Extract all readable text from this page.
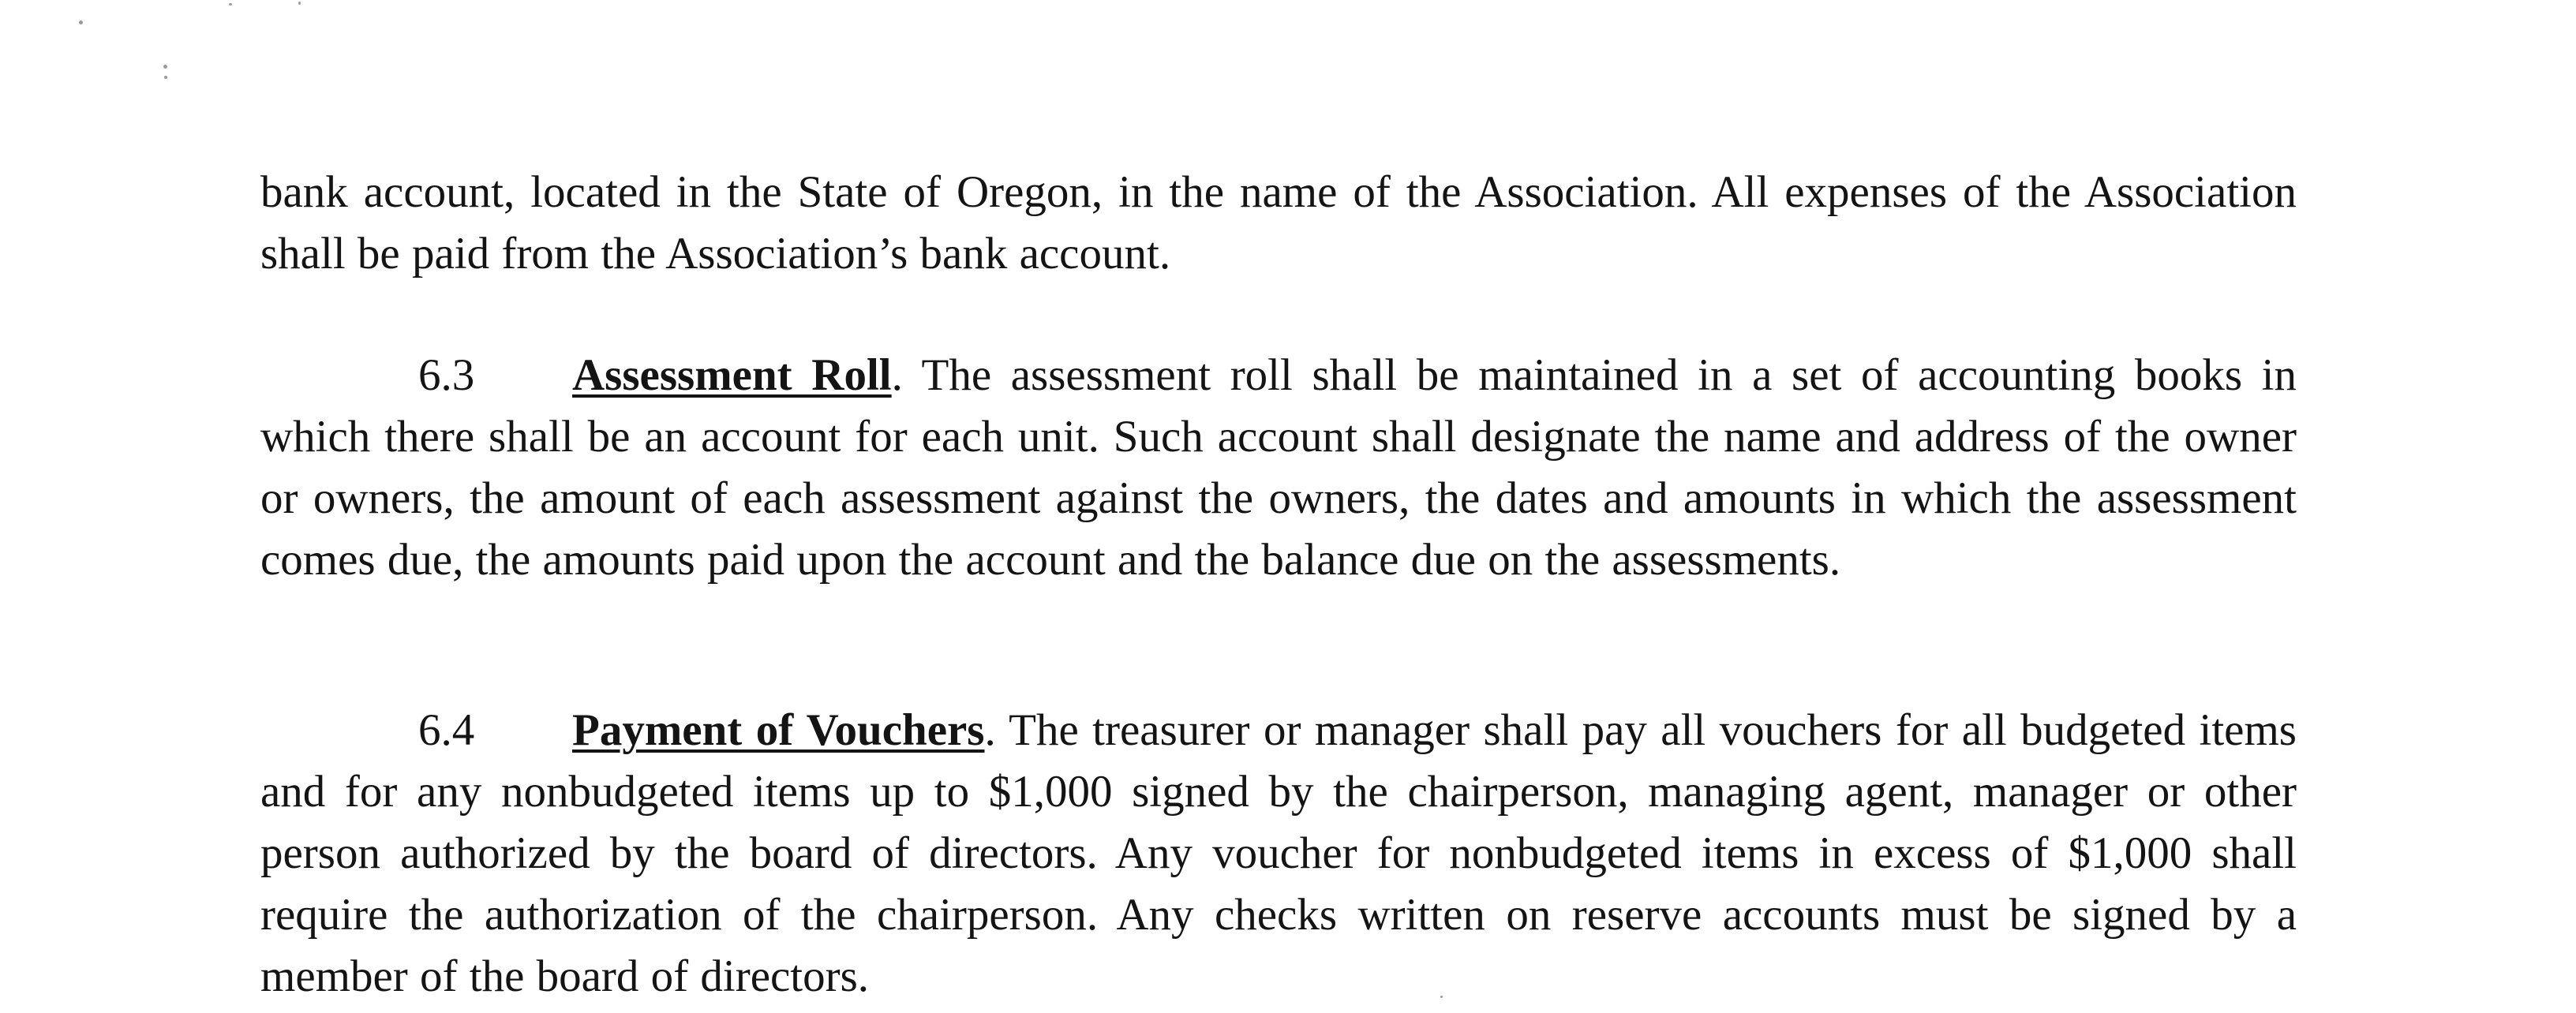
bank account, located in the State of Oregon, in the name of the Association. All expenses of the Association shall be paid from the Association’s bank account.

6.3 Assessment Roll. The assessment roll shall be maintained in a set of accounting books in which there shall be an account for each unit. Such account shall designate the name and address of the owner or owners, the amount of each assessment against the owners, the dates and amounts in which the assessment comes due, the amounts paid upon the account and the balance due on the assessments.

6.4 Payment of Vouchers. The treasurer or manager shall pay all vouchers for all budgeted items and for any nonbudgeted items up to $1,000 signed by the chairperson, managing agent, manager or other person authorized by the board of directors. Any voucher for nonbudgeted items in excess of $1,000 shall require the authorization of the chairperson. Any checks written on reserve accounts must be signed by a member of the board of directors.
